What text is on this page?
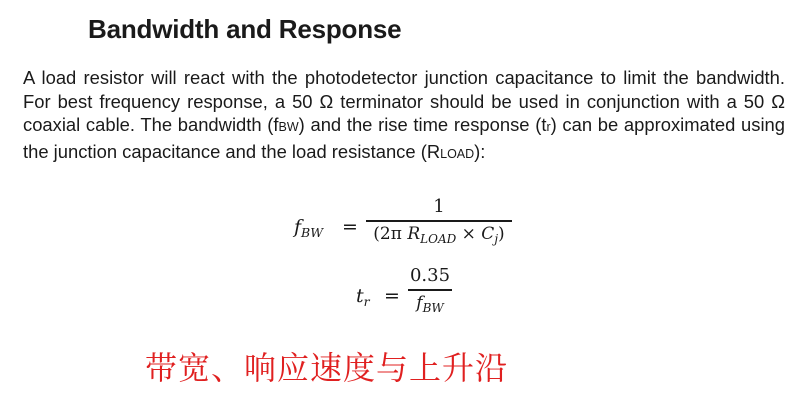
Bandwidth and Response

A load resistor will react with the photodetector junction capacitance to limit the bandwidth. For best frequency response, a 50 Ω terminator should be used in conjunction with a 50 Ω coaxial cable. The bandwidth (fBW) and the rise time response (tr) can be approximated using the junction capacitance and the load resistance (RLOAD):

$f_{BW}$ =
1
(2π $R_{LOAD} \times C_j$)
$t_r$ =
0.35
$f_{BW}$
带宽、响应速度与上升沿
